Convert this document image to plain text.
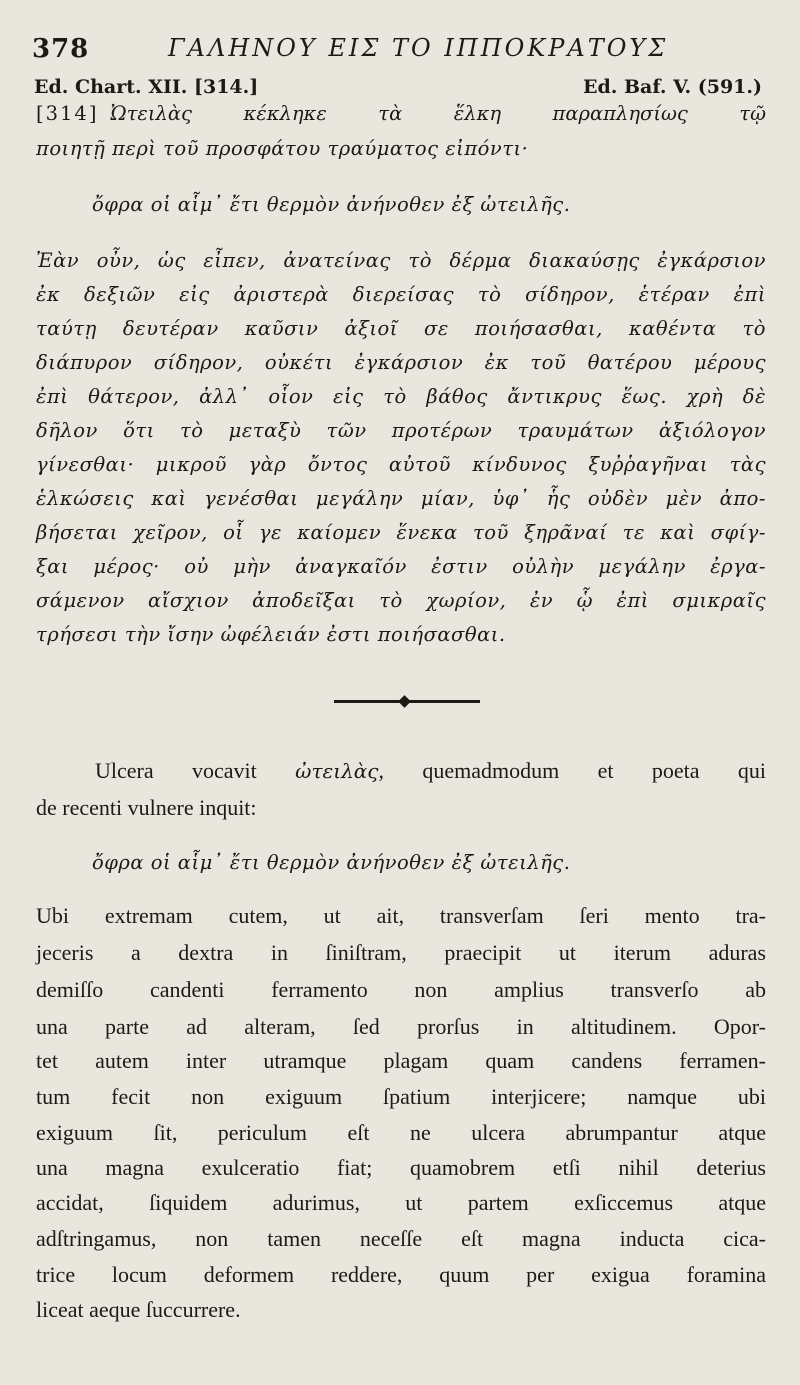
378	ΓΑΛΗΝΟΥ ΕΙΣ ΤΟ ΙΠΠΟΚΡΑΤΟΥΣ
Ed. Chart. XII. [314.]	Ed. Baf. V. (591.)
[314] Ὠτειλὰς κέκληκε τὰ ἕλκη παραπλησίως τῷ
ποιητῇ περὶ τοῦ προσφάτου τραύματος εἰπόντι·
ὄφρα οἱ αἷμ᾽ ἔτι θερμὸν ἀνήνοθεν ἐξ ὠτειλῆς.
Ἐὰν οὖν, ὡς εἶπεν, ἀνατείνας τὸ δέρμα διακαύσῃς ἐγκάρσιον
ἐκ δεξιῶν εἰς ἀριστερὰ διερείσας τὸ σίδηρον, ἑτέραν ἐπὶ
ταύτῃ δευτέραν καῦσιν ἀξιοῖ σε ποιήσασθαι, καθέντα τὸ
διάπυρον σίδηρον, οὐκέτι ἐγκάρσιον ἐκ τοῦ θατέρου μέρους
ἐπὶ θάτερον, ἀλλ᾽ οἷον εἰς τὸ βάθος ἄντικρυς ἕως. χρὴ δὲ
δῆλον ὅτι τὸ μεταξὺ τῶν προτέρων τραυμάτων ἀξιόλογον
γίνεσθαι· μικροῦ γὰρ ὄντος αὐτοῦ κίνδυνος ξυῤῥαγῆναι τὰς
ἑλκώσεις καὶ γενέσθαι μεγάλην μίαν, ὑφ᾽ ἧς οὐδὲν μὲν ἀπο-
βήσεται χεῖρον, οἷ γε καίομεν ἕνεκα τοῦ ξηρᾶναί τε καὶ σφίγ-
ξαι μέρος· οὐ μὴν ἀναγκαῖόν ἐστιν οὐλὴν μεγάλην ἐργα-
σάμενον αἴσχιον ἀποδεῖξαι τὸ χωρίον, ἐν ᾧ ἐπὶ σμικραῖς
τρήσεσι τὴν ἴσην ὠφέλειάν ἐστι ποιήσασθαι.
Ulcera vocavit ὠτειλὰς, quemadmodum et poeta qui
de recenti vulnere inquit:
ὄφρα οἱ αἷμ᾽ ἔτι θερμὸν ἀνήνοθεν ἐξ ὠτειλῆς.
Ubi extremam cutem, ut ait, transverſam ſeri mento tra-
jeceris a dextra in ſiniſtram, praecipit ut iterum aduras
demiſſo candenti ferramento non amplius transverſo ab
una parte ad alteram, ſed prorſus in altitudinem. Opor-
tet autem inter utramque plagam quam candens ferramen-
tum fecit non exiguum ſpatium interjicere; namque ubi
exiguum ſit, periculum eſt ne ulcera abrumpantur atque
una magna exulceratio fiat; quamobrem etſi nihil deterius
accidat, ſiquidem adurimus, ut partem exſiccemus atque
adſtringamus, non tamen neceſſe eſt magna inducta cica-
trice locum deformem reddere, quum per exigua foramina
liceat aeque ſuccurrere.
